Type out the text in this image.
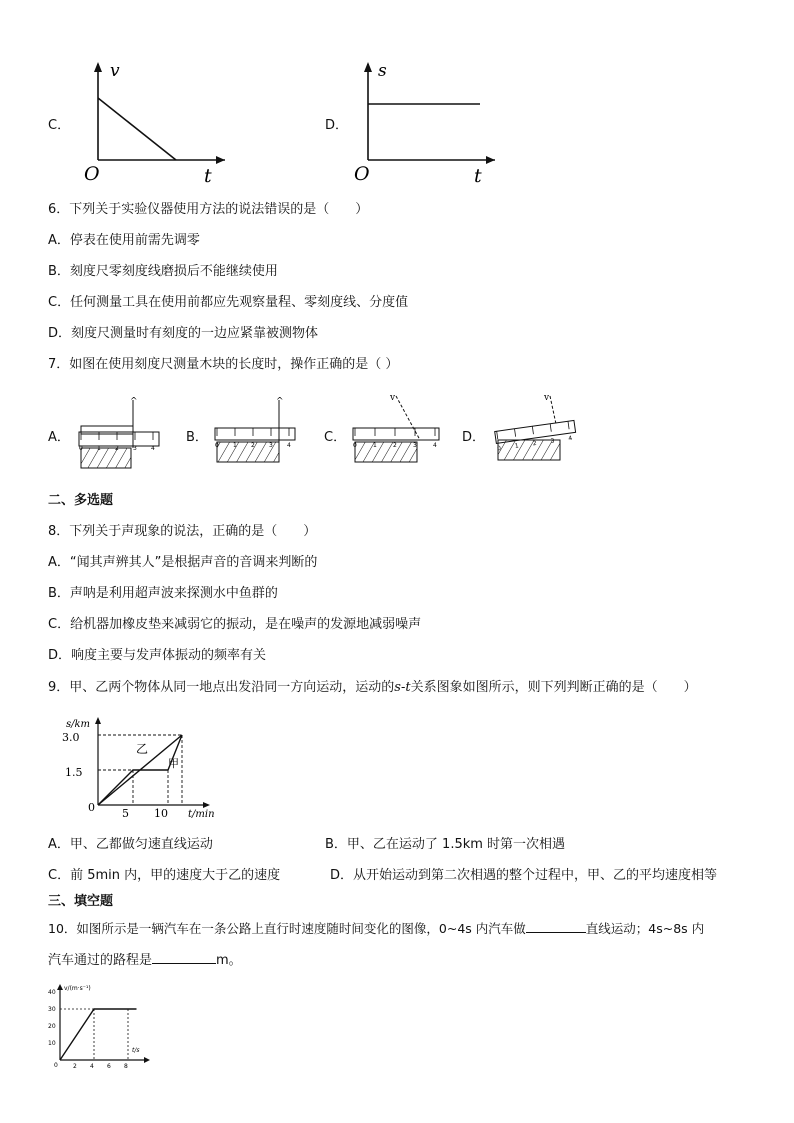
C．
v
O	t
D．
s
O	t
6．下列关于实验仪器使用方法的说法错误的是（　　）
A．停表在使用前需先调零
B．刻度尺零刻度线磨损后不能继续使用
C．任何测量工具在使用前都应先观察量程、零刻度线、分度值
D．刻度尺测量时有刻度的一边应紧靠被测物体
7．如图在使用刻度尺测量木块的长度时，操作正确的是（ ）
A．
^
0 1 2 3 4
B．
^
0 1 2 3 4
C．
v
0	1	2	3	4
D．	4
v
二、多选题
8．下列关于声现象的说法，正确的是（　　）
A．“闻其声辨其人”是根据声音的音调来判断的
B．声呐是利用超声波来探测水中鱼群的
C．给机器加橡皮垫来减弱它的振动，是在噪声的发源地减弱噪声
D．响度主要与发声体振动的频率有关
9．甲、乙两个物体从同一地点出发沿同一方向运动，运动的s-t关系图象如图所示，则下列判断正确的是（　　）
s/km
3.0
1.5
0 5 10 t/min
乙
甲
A．甲、乙都做匀速直线运动	B．甲、乙在运动了 1.5km 时第一次相遇
C．前 5min 内，甲的速度大于乙的速度	D．从开始运动到第二次相遇的整个过程中，甲、乙的平均速度相等
三、填空题
10．如图所示是一辆汽车在一条公路上直行时速度随时间变化的图像，0~4s 内汽车做	直线运动；4s~8s 内
汽车通过的路程是	m。
v/(m·s⁻¹)
10
20
30
40
0	2 4 6 8
t/s
